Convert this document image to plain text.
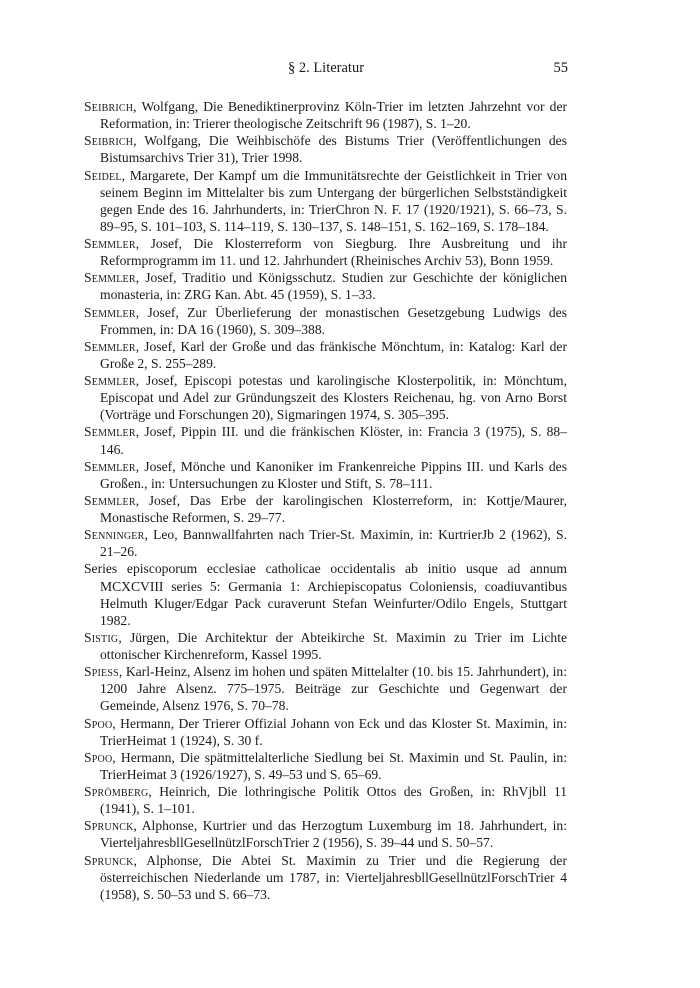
§ 2. Literatur	55

Seibrich, Wolfgang, Die Benediktinerprovinz Köln-Trier im letzten Jahrzehnt vor der Reformation, in: Trierer theologische Zeitschrift 96 (1987), S. 1–20.

Seibrich, Wolfgang, Die Weihbischöfe des Bistums Trier (Veröffentlichungen des Bistumsarchivs Trier 31), Trier 1998.

Seidel, Margarete, Der Kampf um die Immunitätsrechte der Geistlichkeit in Trier von seinem Beginn im Mittelalter bis zum Untergang der bürgerlichen Selbstständigkeit gegen Ende des 16. Jahrhunderts, in: TrierChron N. F. 17 (1920/1921), S. 66–73, S. 89–95, S. 101–103, S. 114–119, S. 130–137, S. 148–151, S. 162–169, S. 178–184.

Semmler, Josef, Die Klosterreform von Siegburg. Ihre Ausbreitung und ihr Reformprogramm im 11. und 12. Jahrhundert (Rheinisches Archiv 53), Bonn 1959.

Semmler, Josef, Traditio und Königsschutz. Studien zur Geschichte der königlichen monasteria, in: ZRG Kan. Abt. 45 (1959), S. 1–33.

Semmler, Josef, Zur Überlieferung der monastischen Gesetzgebung Ludwigs des Frommen, in: DA 16 (1960), S. 309–388.

Semmler, Josef, Karl der Große und das fränkische Mönchtum, in: Katalog: Karl der Große 2, S. 255–289.

Semmler, Josef, Episcopi potestas und karolingische Klosterpolitik, in: Mönchtum, Episcopat und Adel zur Gründungszeit des Klosters Reichenau, hg. von Arno Borst (Vorträge und Forschungen 20), Sigmaringen 1974, S. 305–395.

Semmler, Josef, Pippin III. und die fränkischen Klöster, in: Francia 3 (1975), S. 88–146.

Semmler, Josef, Mönche und Kanoniker im Frankenreiche Pippins III. und Karls des Großen., in: Untersuchungen zu Kloster und Stift, S. 78–111.

Semmler, Josef, Das Erbe der karolingischen Klosterreform, in: Kottje/Maurer, Monastische Reformen, S. 29–77.

Senninger, Leo, Bannwallfahrten nach Trier-St. Maximin, in: KurtrierJb 2 (1962), S. 21–26.

Series episcoporum ecclesiae catholicae occidentalis ab initio usque ad annum MCXCVIII series 5: Germania 1: Archiepiscopatus Coloniensis, coadiuvantibus Helmuth Kluger/Edgar Pack curaverunt Stefan Weinfurter/Odilo Engels, Stuttgart 1982.

Sistig, Jürgen, Die Architektur der Abteikirche St. Maximin zu Trier im Lichte ottonischer Kirchenreform, Kassel 1995.

Spiess, Karl-Heinz, Alsenz im hohen und späten Mittelalter (10. bis 15. Jahrhundert), in: 1200 Jahre Alsenz. 775–1975. Beiträge zur Geschichte und Gegenwart der Gemeinde, Alsenz 1976, S. 70–78.

Spoo, Hermann, Der Trierer Offizial Johann von Eck und das Kloster St. Maximin, in: TrierHeimat 1 (1924), S. 30 f.

Spoo, Hermann, Die spätmittelalterliche Siedlung bei St. Maximin und St. Paulin, in: TrierHeimat 3 (1926/1927), S. 49–53 und S. 65–69.

Sprömberg, Heinrich, Die lothringische Politik Ottos des Großen, in: RhVjbll 11 (1941), S. 1–101.

Sprunck, Alphonse, Kurtrier und das Herzogtum Luxemburg im 18. Jahrhundert, in: VierteljahresbllGesellnützlForschTrier 2 (1956), S. 39–44 und S. 50–57.

Sprunck, Alphonse, Die Abtei St. Maximin zu Trier und die Regierung der österreichischen Niederlande um 1787, in: VierteljahresbllGesellnützlForschTrier 4 (1958), S. 50–53 und S. 66–73.
